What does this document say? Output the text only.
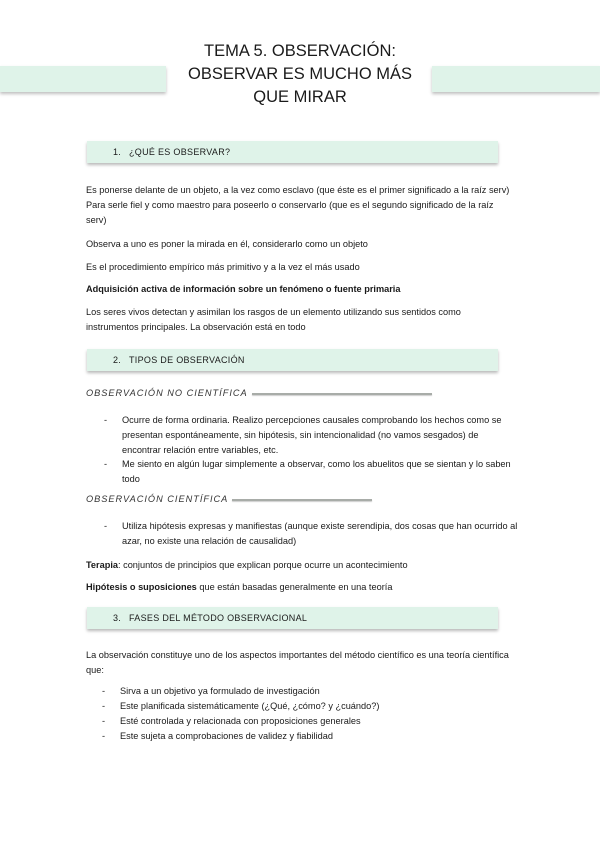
TEMA 5. OBSERVACIÓN:
OBSERVAR ES MUCHO MÁS
QUE MIRAR
1. ¿QUÉ ES OBSERVAR?

Es ponerse delante de un objeto, a la vez como esclavo (que éste es el primer significado a la raíz serv) Para serle fiel y como maestro para poseerlo o conservarlo (que es el segundo significado de la raíz serv)

Observa a uno es poner la mirada en él, considerarlo como un objeto

Es el procedimiento empírico más primitivo y a la vez el más usado

Adquisición activa de información sobre un fenómeno o fuente primaria

Los seres vivos detectan y asimilan los rasgos de un elemento utilizando sus sentidos como instrumentos principales. La observación está en todo

2. TIPOS DE OBSERVACIÓN
OBSERVACIÓN NO CIENTÍFICA
- Ocurre de forma ordinaria. Realizo percepciones causales comprobando los hechos como se presentan espontáneamente, sin hipótesis, sin intencionalidad (no vamos sesgados) de encontrar relación entre variables, etc.
- Me siento en algún lugar simplemente a observar, como los abuelitos que se sientan y lo saben todo
OBSERVACIÓN CIENTÍFICA
- Utiliza hipótesis expresas y manifiestas (aunque existe serendipia, dos cosas que han ocurrido al azar, no existe una relación de causalidad)

Terapia: conjuntos de principios que explican porque ocurre un acontecimiento

Hipótesis o suposiciones que están basadas generalmente en una teoría

3. FASES DEL MÉTODO OBSERVACIONAL

La observación constituye uno de los aspectos importantes del método científico es una teoría científica que:

- Sirva a un objetivo ya formulado de investigación
- Este planificada sistemáticamente (¿Qué, ¿cómo? y ¿cuándo?)
- Esté controlada y relacionada con proposiciones generales
- Este sujeta a comprobaciones de validez y fiabilidad
